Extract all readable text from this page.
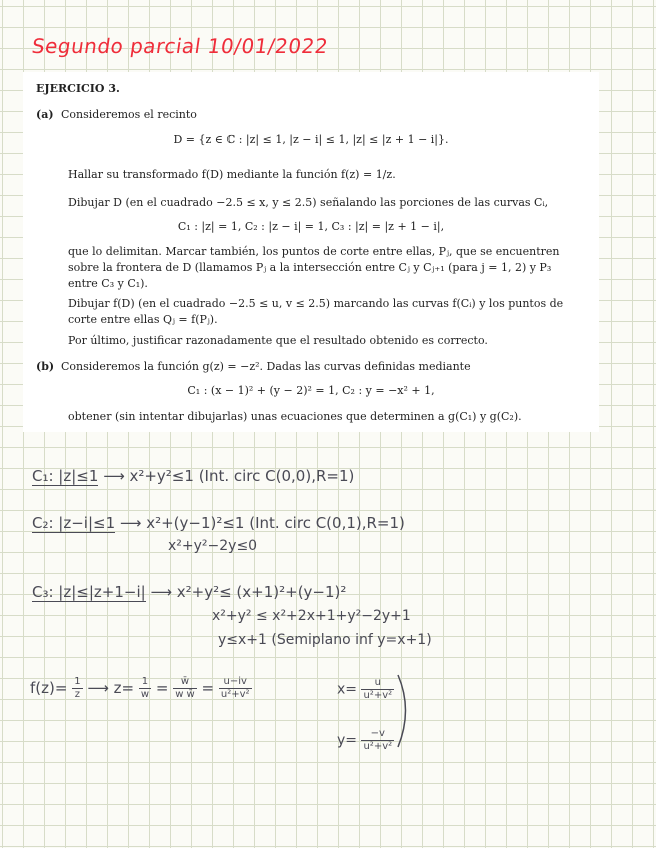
Segundo parcial 10/01/2022
EJERCICIO 3.
(a) Consideremos el recinto
D = {z ∈ ℂ : |z| ≤ 1, |z − i| ≤ 1, |z| ≤ |z + 1 − i|}.
Hallar su transformado f(D) mediante la función f(z) = 1/z.
Dibujar D (en el cuadrado −2.5 ≤ x, y ≤ 2.5) señalando las porciones de las curvas Cᵢ,
C₁ : |z| = 1, C₂ : |z − i| = 1, C₃ : |z| = |z + 1 − i|,
que lo delimitan. Marcar también, los puntos de corte entre ellas, Pⱼ, que se encuentren
sobre la frontera de D (llamamos Pⱼ a la intersección entre Cⱼ y Cⱼ₊₁ (para j = 1, 2) y P₃
entre C₃ y C₁).
Dibujar f(D) (en el cuadrado −2.5 ≤ u, v ≤ 2.5) marcando las curvas f(Cᵢ) y los puntos de
corte entre ellas Qⱼ = f(Pⱼ).
Por último, justificar razonadamente que el resultado obtenido es correcto.
(b) Consideremos la función g(z) = −z². Dadas las curvas definidas mediante
C₁ : (x − 1)² + (y − 2)² = 1, C₂ : y = −x² + 1,
obtener (sin intentar dibujarlas) unas ecuaciones que determinen a g(C₁) y g(C₂).
C₁: |z|≤1 ⟶ x²+y²≤1 (Int. circ C(0,0),R=1)
C₂: |z−i|≤1 ⟶ x²+(y−1)²≤1 (Int. circ C(0,1),R=1)
x²+y²−2y≤0
C₃: |z|≤|z+1−i| ⟶ x²+y²≤ (x+1)²+(y−1)²
x²+y² ≤ x²+2x+1+y²−2y+1
y≤x+1 (Semiplano inf y=x+1)
$f(z)= \frac{1}{z}$ ⟶ $z= \frac{1}{w} = \frac{w̄}{\text{w w̄}} = \frac{u-iv}{\text{u²+v²}}$	$x= \frac{u}{\text{u²+v²}}$
$y= \frac{-v}{\text{u²+v²}}$
